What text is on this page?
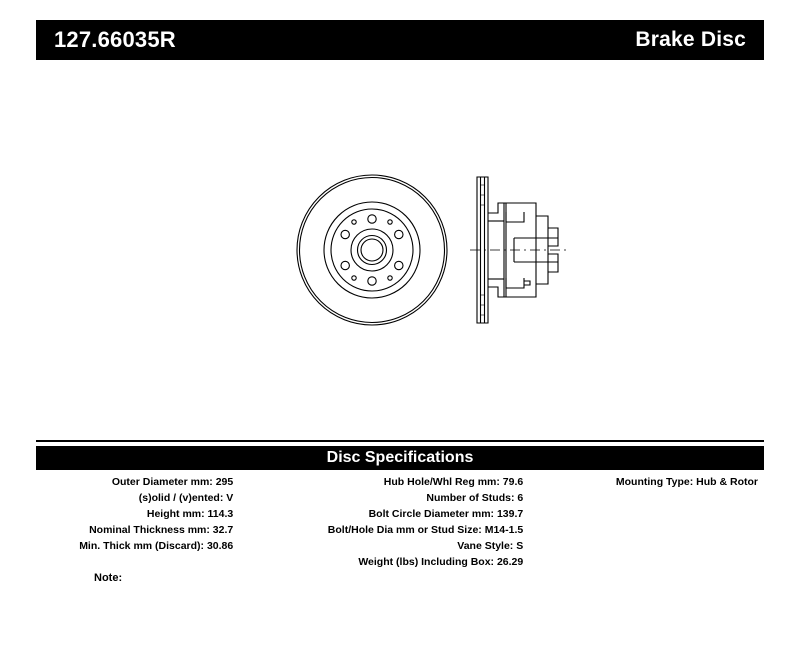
127.66035R	Brake Disc
Disc Specifications
Outer Diameter mm: 295
(s)olid / (v)ented: V
Height mm: 114.3
Nominal Thickness mm: 32.7
Min. Thick mm (Discard): 30.86
Hub Hole/Whl Reg mm: 79.6
Number of Studs: 6
Bolt Circle Diameter mm: 139.7
Bolt/Hole Dia mm or Stud Size: M14-1.5
Vane Style: S
Weight (lbs) Including Box: 26.29
Mounting Type: Hub & Rotor
Note:
